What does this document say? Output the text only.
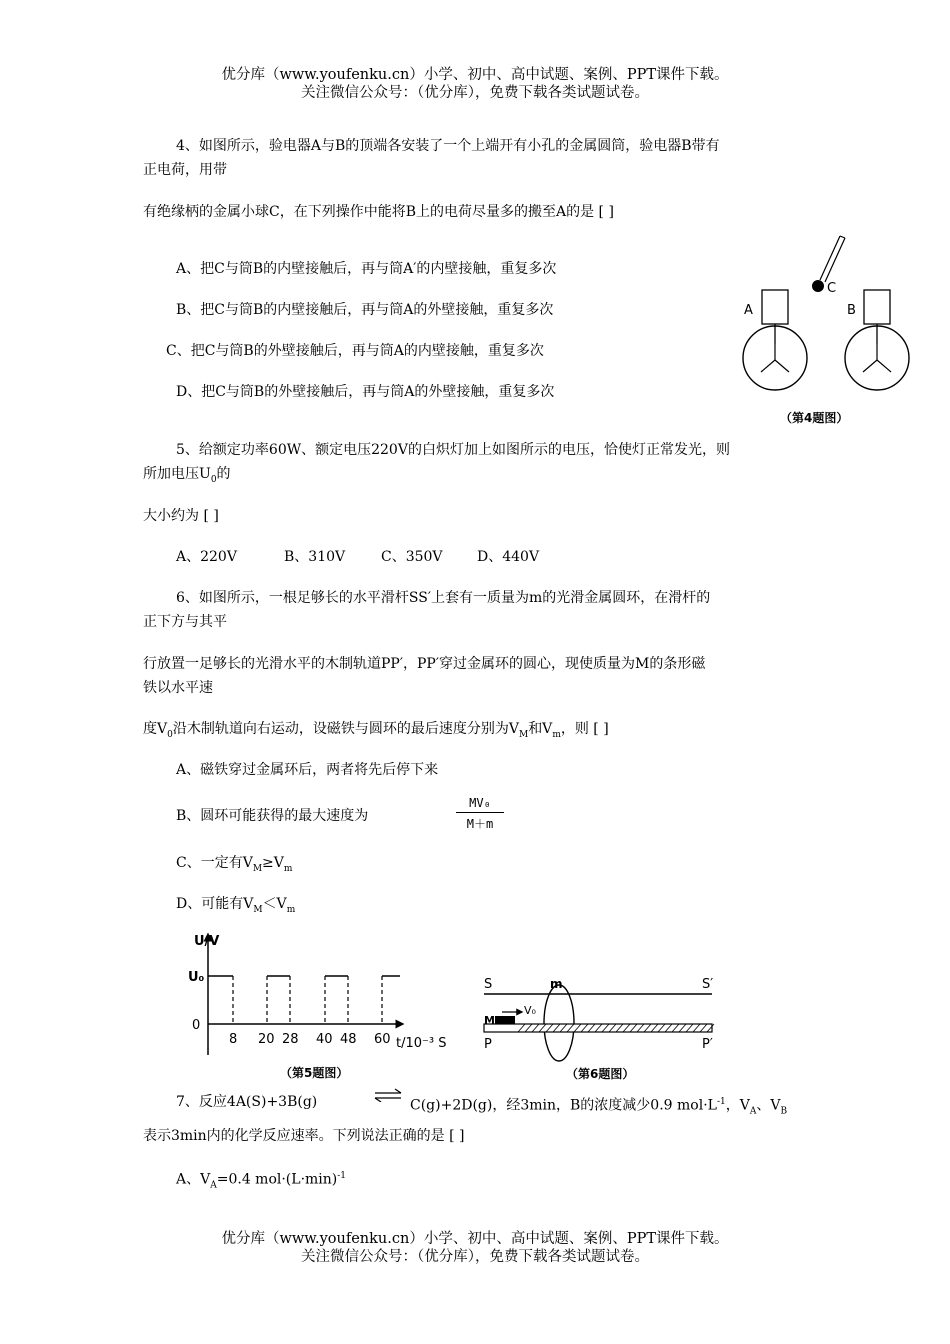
优分库（www.youfenku.cn）小学、初中、高中试题、案例、PPT课件下载。
关注微信公众号：（优分库），免费下载各类试题试卷。
4、如图所示，验电器A与B的顶端各安装了一个上端开有小孔的金属圆筒，验电器B带有
正电荷，用带
有绝缘柄的金属小球C，在下列操作中能将B上的电荷尽量多的搬至A的是 [ ]
A、把C与筒B的内壁接触后，再与筒A′的内壁接触，重复多次
B、把C与筒B的内壁接触后，再与筒A的外壁接触，重复多次
C、把C与筒B的外壁接触后，再与筒A的内壁接触，重复多次
D、把C与筒B的外壁接触后，再与筒A的外壁接触，重复多次
C
A	B
（第4题图）
5、给额定功率60W、额定电压220V的白炽灯加上如图所示的电压，恰使灯正常发光，则
所加电压$U_0$的
大小约为 [ ]
A、220V	B、310V	C、350V D、440V
6、如图所示，一根足够长的水平滑杆SS′上套有一质量为m的光滑金属圆环，在滑杆的
正下方与其平
行放置一足够长的光滑水平的木制轨道PP′，PP′穿过金属环的圆心，现使质量为M的条形磁
铁以水平速
度$V_0$沿木制轨道向右运动，设磁铁与圆环的最后速度分别为$V_M$和$V_m$，则 [ ]
A、磁铁穿过金属环后，两者将先后停下来
B、圆环可能获得的最大速度为	$\frac{\text{MV₀}}{M+m}$
C、一定有$V_M\ge V_m$
D、可能有$V_M<V_m$
U/V
U₀
0
8 20 28 40 48 60 t/10⁻³ S
（第5题图）
S	S′
m
M
V₀
P	P′
（第6题图）
7、反应4A(S)+3B(g)	C(g)+2D(g)，经3min，B的浓度减少0.9 $mol\cdot L^{-1}$，$V_A$、$V_B$
表示3min内的化学反应速率。下列说法正确的是 [ ]
A、$V_A=0.4$ $mol\cdot(L\cdot\min)^{-1}$
优分库（www.youfenku.cn）小学、初中、高中试题、案例、PPT课件下载。
关注微信公众号：（优分库），免费下载各类试题试卷。
